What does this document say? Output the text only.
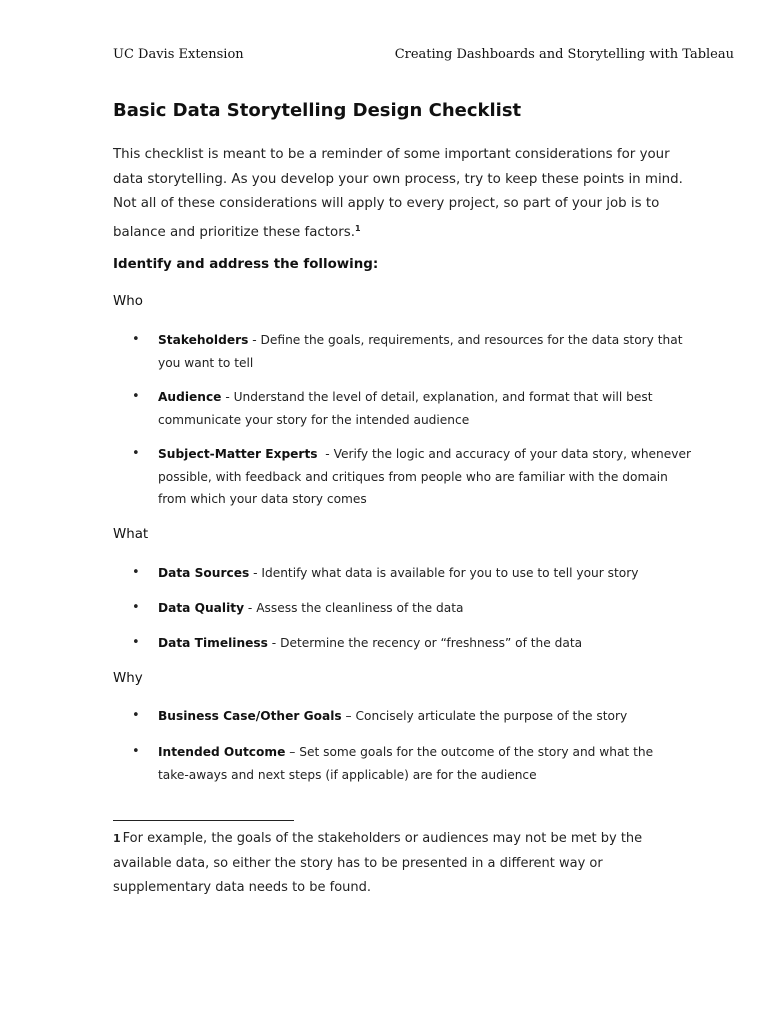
UC Davis Extension	Creating Dashboards and Storytelling with Tableau
Basic Data Storytelling Design Checklist

This checklist is meant to be a reminder of some important considerations for your

data storytelling. As you develop your own process, try to keep these points in mind.

Not all of these considerations will apply to every project, so part of your job is to

balance and prioritize these factors.$^1$

Identify and address the following:
Who
• Stakeholders - Define the goals, requirements, and resources for the data story that
you want to tell
• Audience - Understand the level of detail, explanation, and format that will best
communicate your story for the intended audience
• Subject-Matter Experts  - Verify the logic and accuracy of your data story, whenever
possible, with feedback and critiques from people who are familiar with the domain
from which your data story comes
What
• Data Sources - Identify what data is available for you to use to tell your story
• Data Quality - Assess the cleanliness of the data
• Data Timeliness - Determine the recency or “freshness” of the data
Why
• Business Case/Other Goals – Concisely articulate the purpose of the story
• Intended Outcome – Set some goals for the outcome of the story and what the
take-aways and next steps (if applicable) are for the audience
1 For example, the goals of the stakeholders or audiences may not be met by the
available data, so either the story has to be presented in a different way or
supplementary data needs to be found.
